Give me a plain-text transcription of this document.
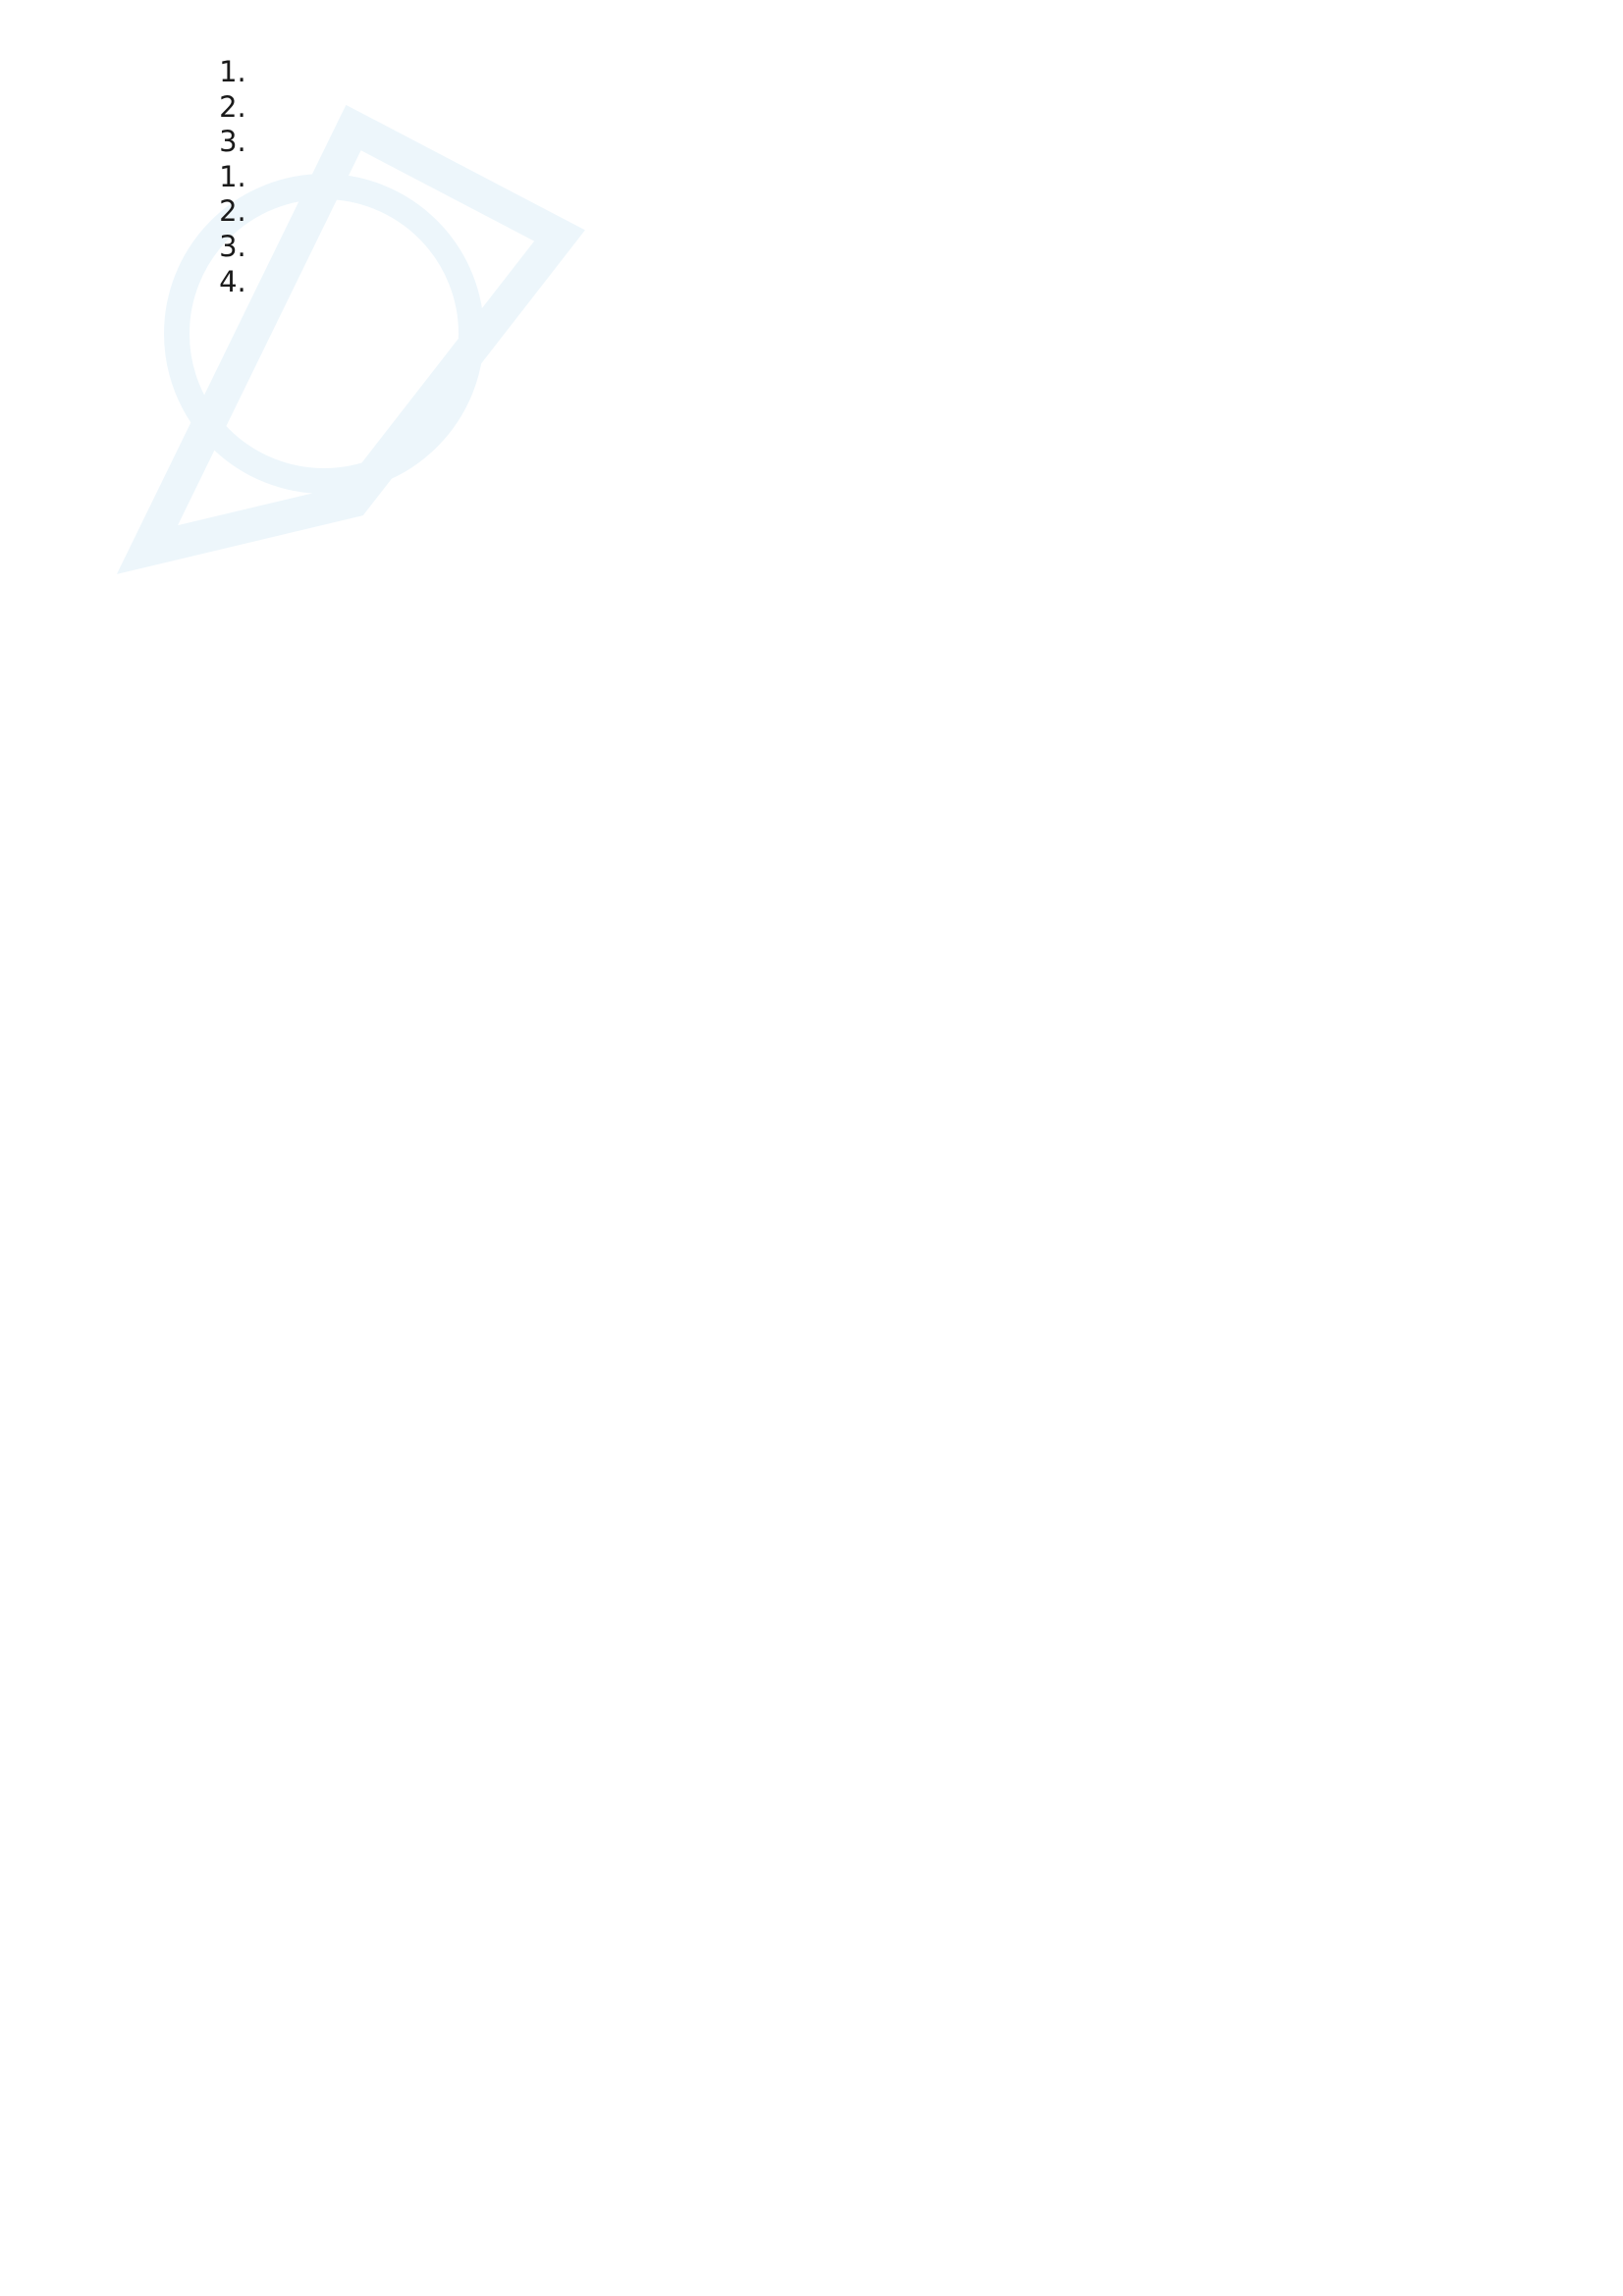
1.
2.
3.

1.
2.
3.
4.
